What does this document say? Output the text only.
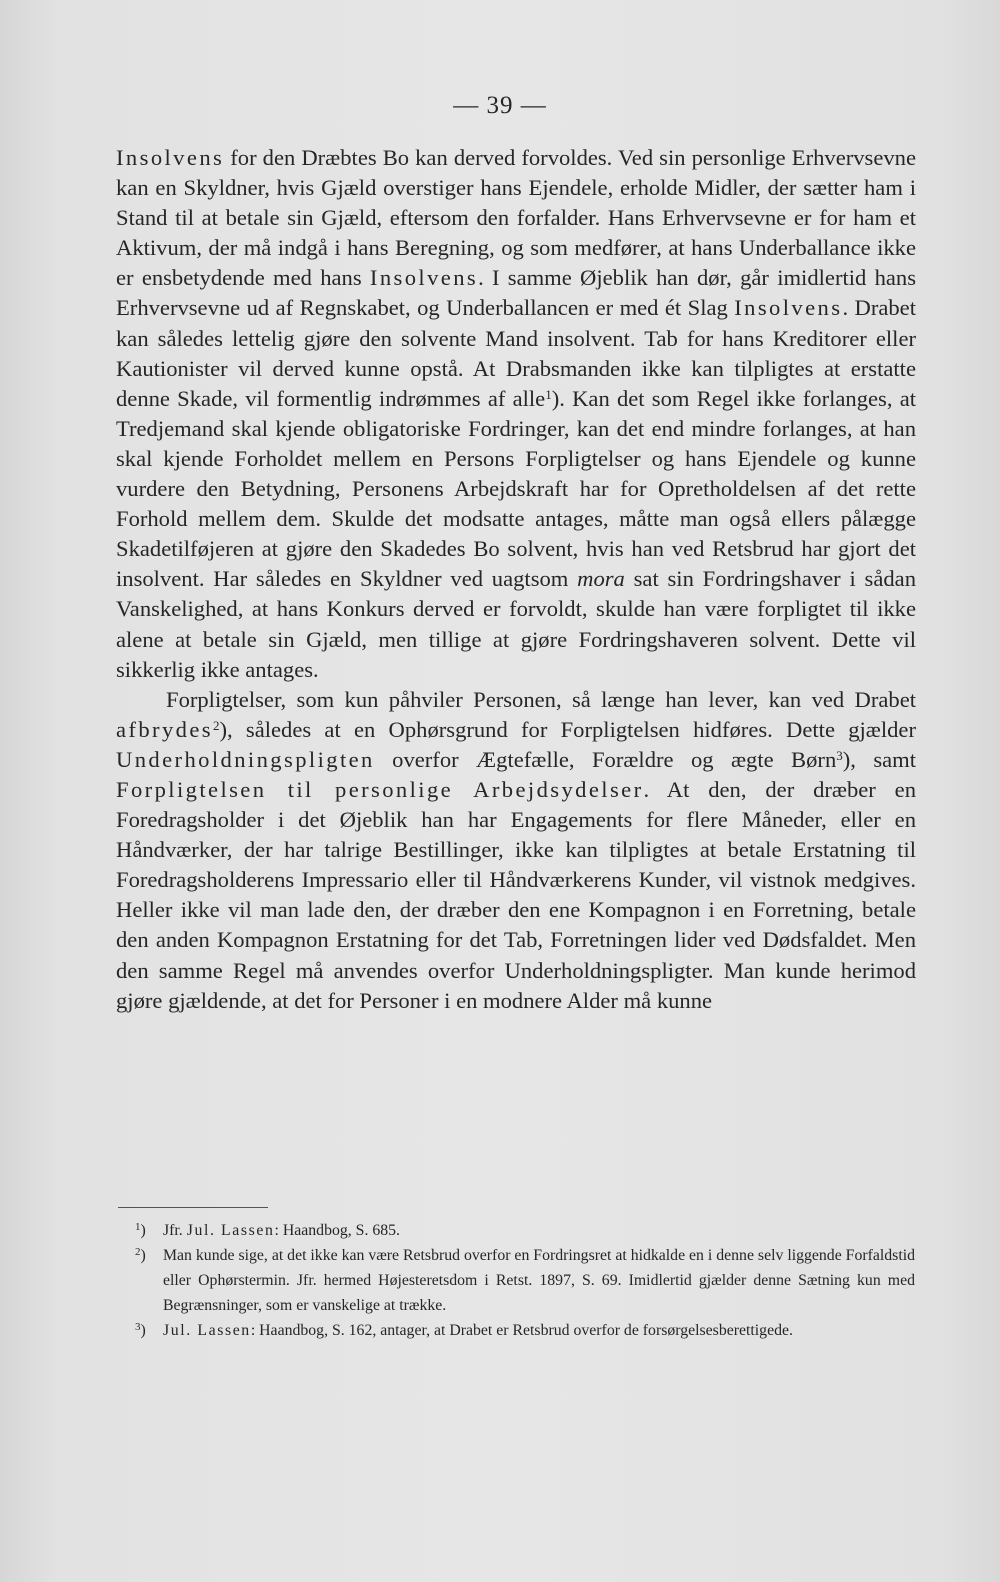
— 39 —

Insolvens for den Dræbtes Bo kan derved forvoldes. Ved sin personlige Erhvervsevne kan en Skyldner, hvis Gjæld overstiger hans Ejendele, erholde Midler, der sætter ham i Stand til at betale sin Gjæld, eftersom den forfalder. Hans Erhvervsevne er for ham et Aktivum, der må indgå i hans Beregning, og som medfører, at hans Underballance ikke er ensbetydende med hans Insolvens. I samme Øjeblik han dør, går imidlertid hans Erhvervsevne ud af Regnskabet, og Underballancen er med ét Slag Insolvens. Drabet kan således lettelig gjøre den solvente Mand insolvent. Tab for hans Kreditorer eller Kautionister vil derved kunne opstå. At Drabsmanden ikke kan tilpligtes at erstatte denne Skade, vil formentlig indrømmes af alle$^1$). Kan det som Regel ikke forlanges, at Tredjemand skal kjende obligatoriske Fordringer, kan det end mindre forlanges, at han skal kjende Forholdet mellem en Persons Forpligtelser og hans Ejendele og kunne vurdere den Betydning, Personens Arbejdskraft har for Opretholdelsen af det rette Forhold mellem dem. Skulde det modsatte antages, måtte man også ellers pålægge Skadetilføjeren at gjøre den Skadedes Bo solvent, hvis han ved Retsbrud har gjort det insolvent. Har således en Skyldner ved uagtsom mora sat sin Fordringshaver i sådan Vanskelighed, at hans Konkurs derved er forvoldt, skulde han være forpligtet til ikke alene at betale sin Gjæld, men tillige at gjøre Fordringshaveren solvent. Dette vil sikkerlig ikke antages.

Forpligtelser, som kun påhviler Personen, så længe han lever, kan ved Drabet afbrydes$^2$), således at en Ophørsgrund for Forpligtelsen hidføres. Dette gjælder Underholdningspligten overfor Ægtefælle, Forældre og ægte Børn$^3$), samt Forpligtelsen til personlige Arbejdsydelser. At den, der dræber en Foredragsholder i det Øjeblik han har Engagements for flere Måneder, eller en Håndværker, der har talrige Bestillinger, ikke kan tilpligtes at betale Erstatning til Foredragsholderens Impressario eller til Håndværkerens Kunder, vil vistnok medgives. Heller ikke vil man lade den, der dræber den ene Kompagnon i en Forretning, betale den anden Kompagnon Erstatning for det Tab, Forretningen lider ved Dødsfaldet. Men den samme Regel må anvendes overfor Underholdningspligter. Man kunde herimod gjøre gjældende, at det for Personer i en modnere Alder må kunne

$^1$) Jfr. Jul. Lassen: Haandbog, S. 685.
$^2$) Man kunde sige, at det ikke kan være Retsbrud overfor en Fordringsret at hidkalde en i denne selv liggende Forfaldstid eller Ophørstermin. Jfr. hermed Højesteretsdom i Retst. 1897, S. 69. Imidlertid gjælder denne Sætning kun med Begrænsninger, som er vanskelige at trække.
$^3$) Jul. Lassen: Haandbog, S. 162, antager, at Drabet er Retsbrud overfor de forsørgelsesberettigede.
